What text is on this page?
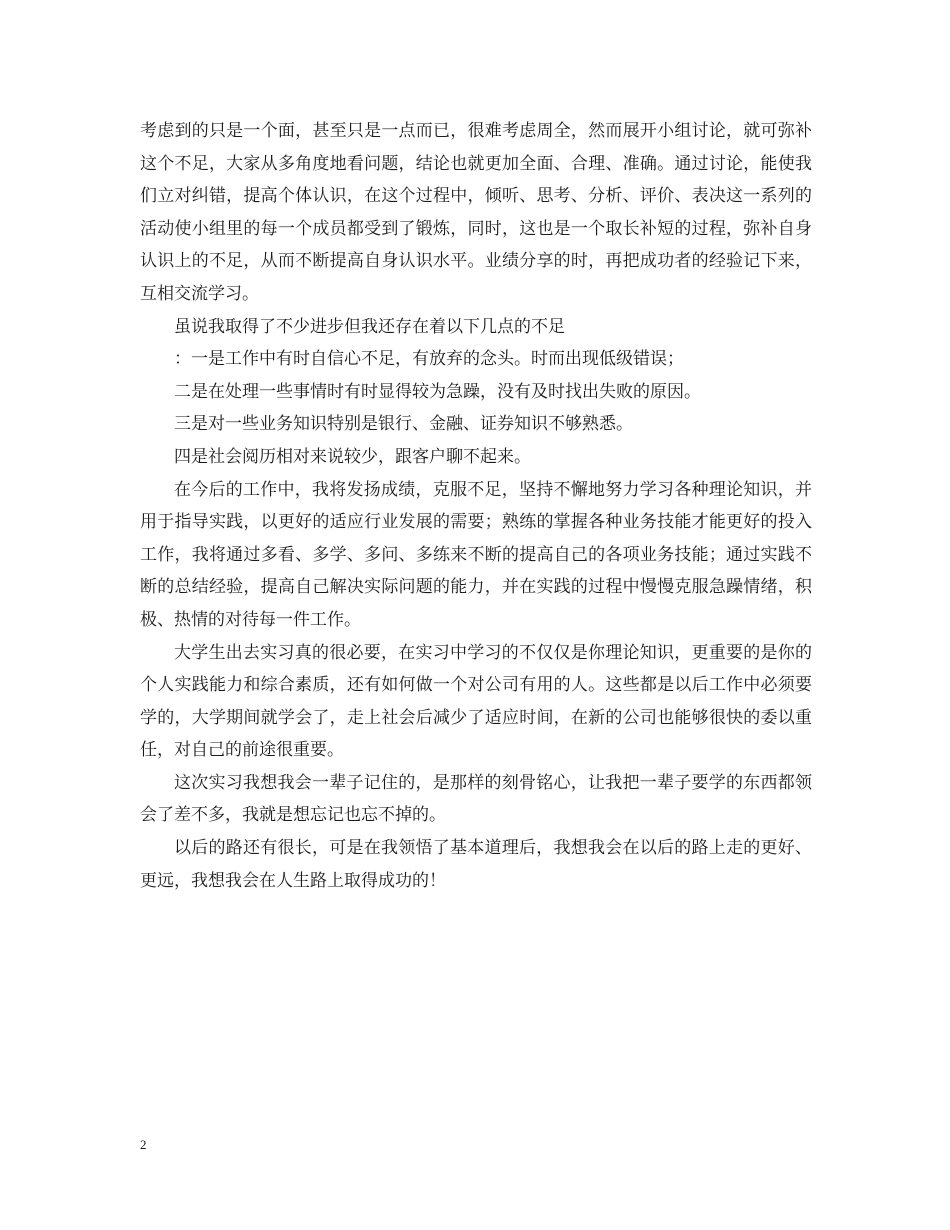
考虑到的只是一个面，甚至只是一点而已，很难考虑周全，然而展开小组讨论，就可弥补这个不足，大家从多角度地看问题，结论也就更加全面、合理、准确。通过讨论，能使我们立对纠错，提高个体认识，在这个过程中，倾听、思考、分析、评价、表决这一系列的活动使小组里的每一个成员都受到了锻炼，同时，这也是一个取长补短的过程，弥补自身认识上的不足，从而不断提高自身认识水平。业绩分享的时，再把成功者的经验记下来，互相交流学习。

虽说我取得了不少进步但我还存在着以下几点的不足

：一是工作中有时自信心不足，有放弃的念头。时而出现低级错误；

二是在处理一些事情时有时显得较为急躁，没有及时找出失败的原因。

三是对一些业务知识特别是银行、金融、证券知识不够熟悉。

四是社会阅历相对来说较少，跟客户聊不起来。

在今后的工作中，我将发扬成绩，克服不足，坚持不懈地努力学习各种理论知识，并用于指导实践，以更好的适应行业发展的需要；熟练的掌握各种业务技能才能更好的投入工作，我将通过多看、多学、多问、多练来不断的提高自己的各项业务技能；通过实践不断的总结经验，提高自己解决实际问题的能力，并在实践的过程中慢慢克服急躁情绪，积极、热情的对待每一件工作。

大学生出去实习真的很必要，在实习中学习的不仅仅是你理论知识，更重要的是你的个人实践能力和综合素质，还有如何做一个对公司有用的人。这些都是以后工作中必须要学的，大学期间就学会了，走上社会后减少了适应时间，在新的公司也能够很快的委以重任，对自己的前途很重要。

这次实习我想我会一辈子记住的，是那样的刻骨铭心，让我把一辈子要学的东西都领会了差不多，我就是想忘记也忘不掉的。

以后的路还有很长，可是在我领悟了基本道理后，我想我会在以后的路上走的更好、更远，我想我会在人生路上取得成功的！

2
